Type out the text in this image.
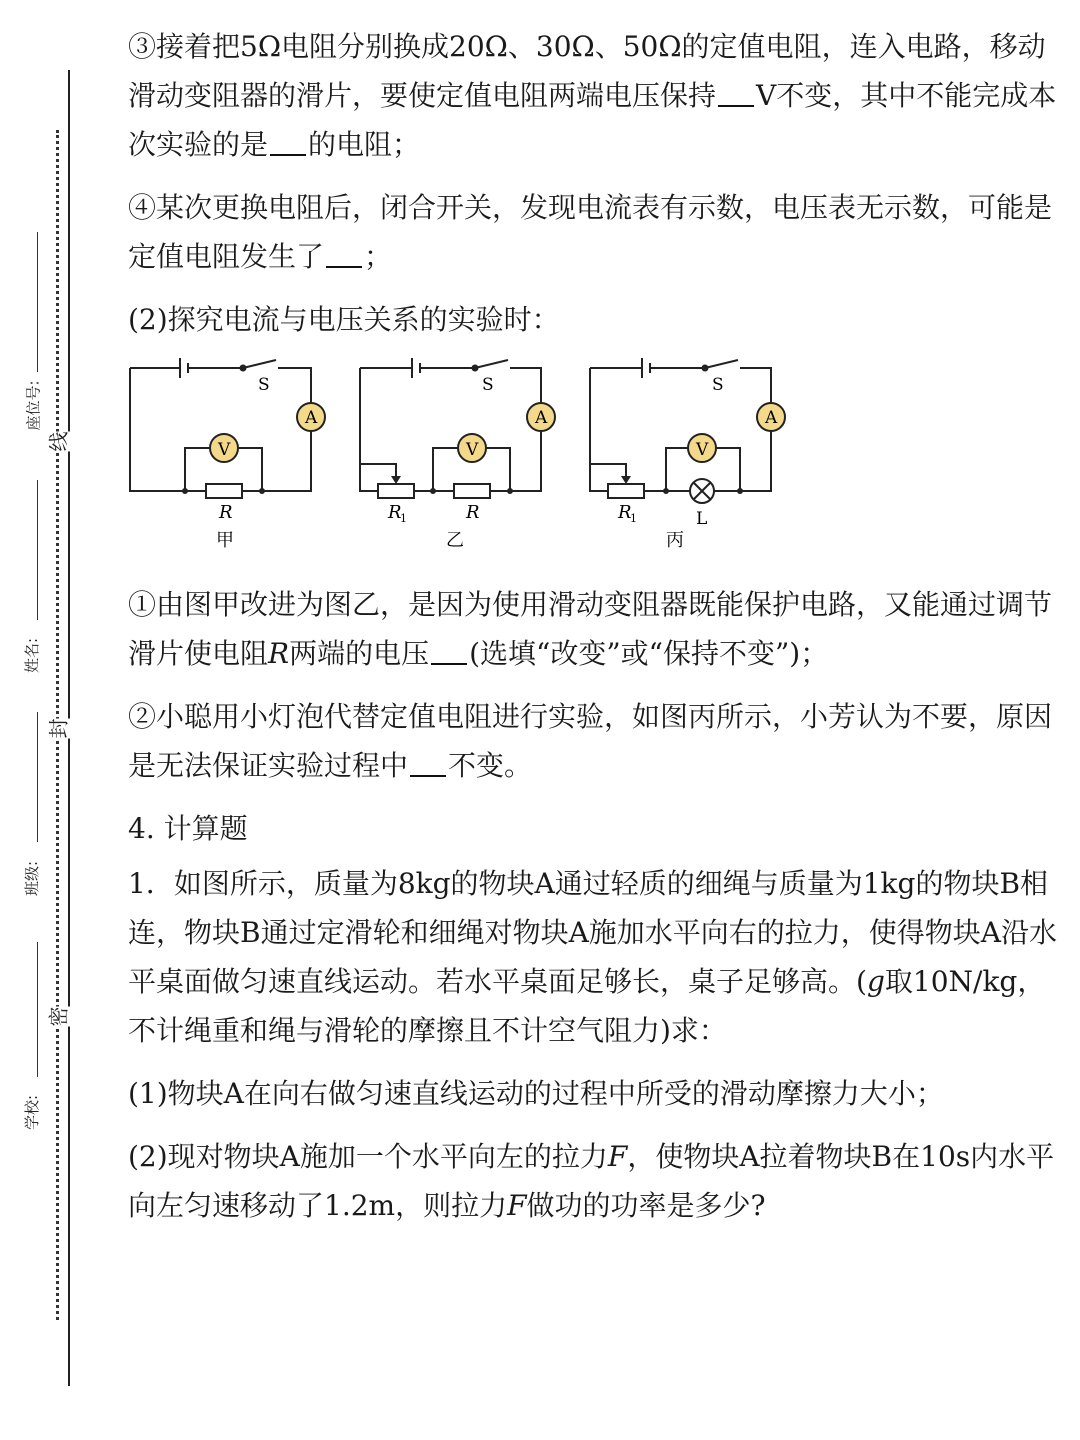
座位号:
姓名:
班级:
学校:
线
封
密

③接着把5Ω电阻分别换成20Ω、30Ω、50Ω的定值电阻，连入电路，移动滑动变阻器的滑片，要使定值电阻两端电压保持 V不变，其中不能完成本次实验的是 的电阻；

④某次更换电阻后，闭合开关，发现电流表有示数，电压表无示数，可能是定值电阻发生了 ；

(2)探究电流与电压关系的实验时：

S
V
A
R
甲
S
V
A
R
1	R
乙
S
V
A
R
1	L
丙

①由图甲改进为图乙，是因为使用滑动变阻器既能保护电路，又能通过调节滑片使电阻R两端的电压 (选填“改变”或“保持不变”)；

②小聪用小灯泡代替定值电阻进行实验，如图丙所示，小芳认为不要，原因是无法保证实验过程中 不变。

4. 计算题

1．如图所示，质量为8kg的物块A通过轻质的细绳与质量为1kg的物块B相连，物块B通过定滑轮和细绳对物块A施加水平向右的拉力，使得物块A沿水平桌面做匀速直线运动。若水平桌面足够长，桌子足够高。(g取10N/kg，不计绳重和绳与滑轮的摩擦且不计空气阻力)求：

(1)物块A在向右做匀速直线运动的过程中所受的滑动摩擦力大小；

(2)现对物块A施加一个水平向左的拉力F，使物块A拉着物块B在10s内水平向左匀速移动了1.2m，则拉力F做功的功率是多少?
